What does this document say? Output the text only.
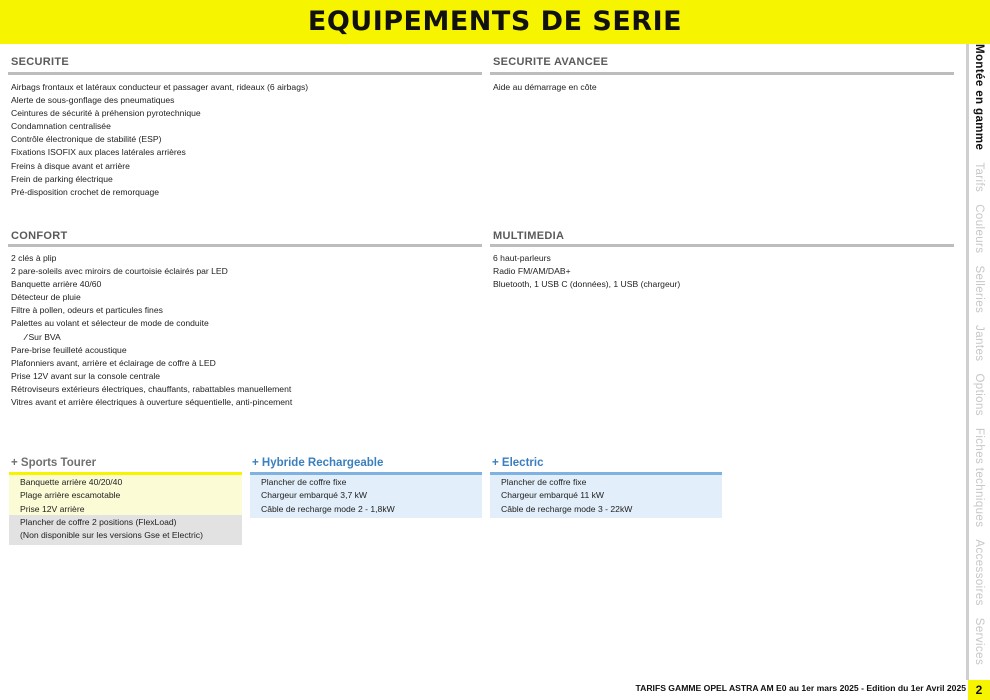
EQUIPEMENTS DE SERIE
SECURITE
Airbags frontaux et latéraux conducteur et passager avant, rideaux (6 airbags)
Alerte de sous-gonflage des pneumatiques
Ceintures de sécurité à préhension pyrotechnique
Condamnation centralisée
Contrôle électronique de stabilité (ESP)
Fixations ISOFIX aux places latérales arrières
Freins à disque avant et arrière
Frein de parking électrique
Pré-disposition crochet de remorquage
SECURITE AVANCEE
Aide au démarrage en côte
CONFORT
2 clés à plip
2 pare-soleils avec miroirs de courtoisie éclairés par LED
Banquette arrière 40/60
Détecteur de pluie
Filtre à pollen, odeurs et particules fines
Palettes au volant et sélecteur de mode de conduite
∕ Sur BVA
Pare-brise feuilleté acoustique
Plafonniers avant, arrière et éclairage de coffre à LED
Prise 12V avant sur la console centrale
Rétroviseurs extérieurs électriques, chauffants, rabattables manuellement
Vitres avant et arrière électriques à ouverture séquentielle, anti-pincement
MULTIMEDIA
6 haut-parleurs
Radio FM/AM/DAB+
Bluetooth, 1 USB C (données), 1 USB (chargeur)
+ Sports Tourer
Banquette arrière 40/20/40
Plage arrière escamotable
Prise 12V arrière
Plancher de coffre 2 positions (FlexLoad)
(Non disponible sur les versions Gse et Electric)
+ Hybride Rechargeable
Plancher de coffre fixe
Chargeur embarqué 3,7 kW
Câble de recharge mode 2 - 1,8kW
+ Electric
Plancher de coffre fixe
Chargeur embarqué 11 kW
Câble de recharge mode 3 - 22kW
Montée en gamme
Tarifs
Couleurs
Selleries
Jantes
Options
Fiches techniques
Accessoires
Services
TARIFS GAMME OPEL ASTRA AM E0 au 1er mars 2025 - Edition du 1er Avril 2025 2
